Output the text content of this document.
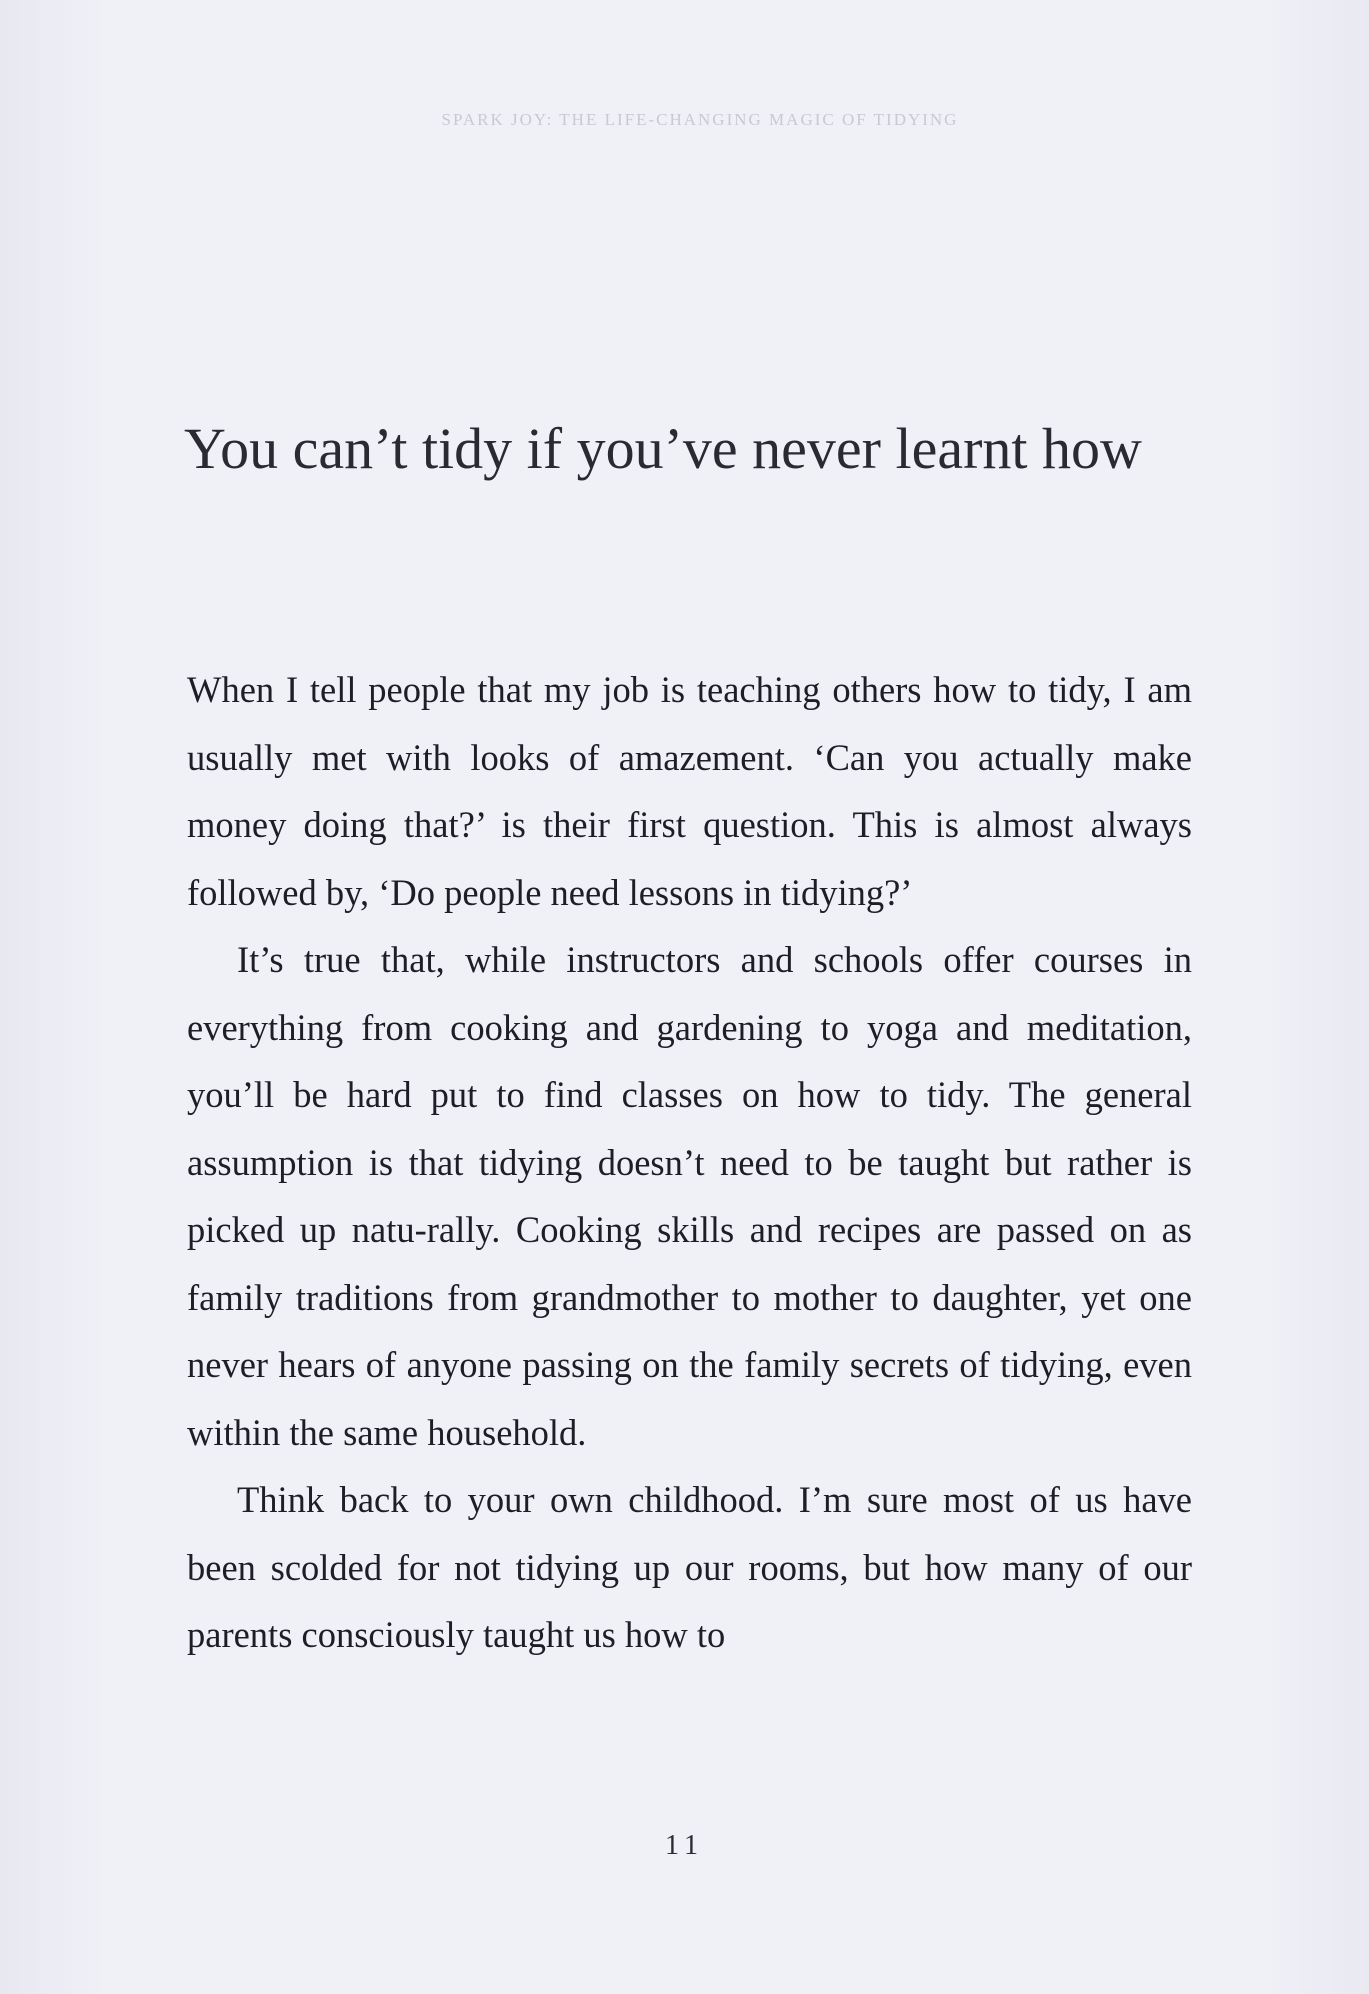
SPARK JOY: THE LIFE-CHANGING MAGIC OF TIDYING
You can’t tidy if you’ve never learnt how

When I tell people that my job is teaching others how to tidy, I am usually met with looks of amazement. ‘Can you actually make money doing that?’ is their first question. This is almost always followed by, ‘Do people need lessons in tidying?’

It’s true that, while instructors and schools offer courses in everything from cooking and gardening to yoga and meditation, you’ll be hard put to find classes on how to tidy. The general assumption is that tidying doesn’t need to be taught but rather is picked up natu-rally. Cooking skills and recipes are passed on as family traditions from grandmother to mother to daughter, yet one never hears of anyone passing on the family secrets of tidying, even within the same household.

Think back to your own childhood. I’m sure most of us have been scolded for not tidying up our rooms, but how many of our parents consciously taught us how to

11
